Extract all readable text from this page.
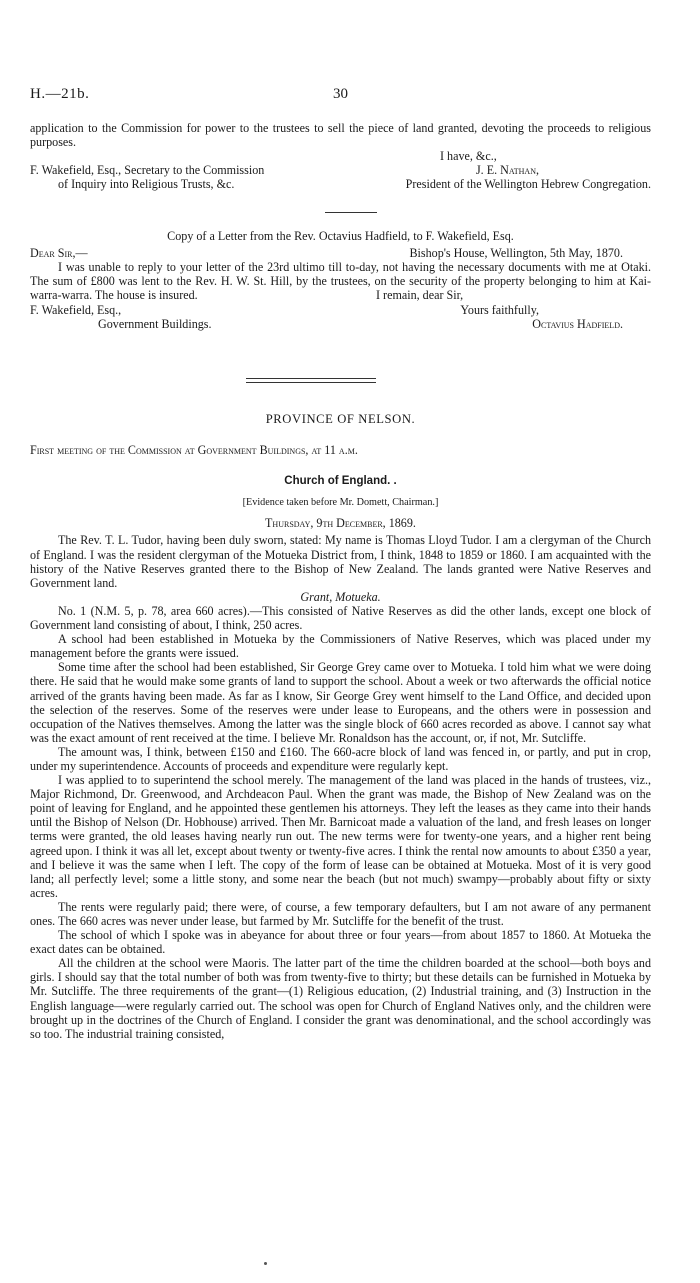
H.—21b.	30
application to the Commission for power to the trustees to sell the piece of land granted, devoting the proceeds to religious purposes.
I have, &c.,
F. Wakefield, Esq., Secretary to the Commission	J. E. Nathan,
of Inquiry into Religious Trusts, &c.	President of the Wellington Hebrew Congregation.
Copy of a Letter from the Rev. Octavius Hadfield, to F. Wakefield, Esq.
Dear Sir,—	Bishop's House, Wellington, 5th May, 1870.
I was unable to reply to your letter of the 23rd ultimo till to-day, not having the necessary documents with me at Otaki. The sum of £800 was lent to the Rev. H. W. St. Hill, by the trustees, on the security of the property belonging to him at Kai-warra-warra. The house is insured.	I remain, dear Sir,
F. Wakefield, Esq.,	Yours faithfully,
Government Buildings.	Octavius Hadfield.
PROVINCE OF NELSON.
First meeting of the Commission at Government Buildings, at 11 a.m.
Church of England. .
[Evidence taken before Mr. Domett, Chairman.]
Thursday, 9th December, 1869.
The Rev. T. L. Tudor, having been duly sworn, stated: My name is Thomas Lloyd Tudor. I am a clergyman of the Church of England. I was the resident clergyman of the Motueka District from, I think, 1848 to 1859 or 1860. I am acquainted with the history of the Native Reserves granted there to the Bishop of New Zealand. The lands granted were Native Reserves and Government land.
Grant, Motueka.
No. 1 (N.M. 5, p. 78, area 660 acres).—This consisted of Native Reserves as did the other lands, except one block of Government land consisting of about, I think, 250 acres.
A school had been established in Motueka by the Commissioners of Native Reserves, which was placed under my management before the grants were issued.
Some time after the school had been established, Sir George Grey came over to Motueka. I told him what we were doing there. He said that he would make some grants of land to support the school. About a week or two afterwards the official notice arrived of the grants having been made. As far as I know, Sir George Grey went himself to the Land Office, and decided upon the selection of the reserves. Some of the reserves were under lease to Europeans, and the others were in possession and occupation of the Natives themselves. Among the latter was the single block of 660 acres recorded as above. I cannot say what was the exact amount of rent received at the time. I believe Mr. Ronaldson has the account, or, if not, Mr. Sutcliffe.
The amount was, I think, between £150 and £160. The 660-acre block of land was fenced in, or partly, and put in crop, under my superintendence. Accounts of proceeds and expenditure were regularly kept.
I was applied to to superintend the school merely. The management of the land was placed in the hands of trustees, viz., Major Richmond, Dr. Greenwood, and Archdeacon Paul. When the grant was made, the Bishop of New Zealand was on the point of leaving for England, and he appointed these gentlemen his attorneys. They left the leases as they came into their hands until the Bishop of Nelson (Dr. Hobhouse) arrived. Then Mr. Barnicoat made a valuation of the land, and fresh leases on longer terms were granted, the old leases having nearly run out. The new terms were for twenty-one years, and a higher rent being agreed upon. I think it was all let, except about twenty or twenty-five acres. I think the rental now amounts to about £350 a year, and I believe it was the same when I left. The copy of the form of lease can be obtained at Motueka. Most of it is very good land; all perfectly level; some a little stony, and some near the beach (but not much) swampy—probably about fifty or sixty acres.
The rents were regularly paid; there were, of course, a few temporary defaulters, but I am not aware of any permanent ones. The 660 acres was never under lease, but farmed by Mr. Sutcliffe for the benefit of the trust.
The school of which I spoke was in abeyance for about three or four years—from about 1857 to 1860. At Motueka the exact dates can be obtained.
All the children at the school were Maoris. The latter part of the time the children boarded at the school—both boys and girls. I should say that the total number of both was from twenty-five to thirty; but these details can be furnished in Motueka by Mr. Sutcliffe. The three requirements of the grant—(1) Religious education, (2) Industrial training, and (3) Instruction in the English language—were regularly carried out. The school was open for Church of England Natives only, and the children were brought up in the doctrines of the Church of England. I consider the grant was denominational, and the school accordingly was so too. The industrial training consisted,
